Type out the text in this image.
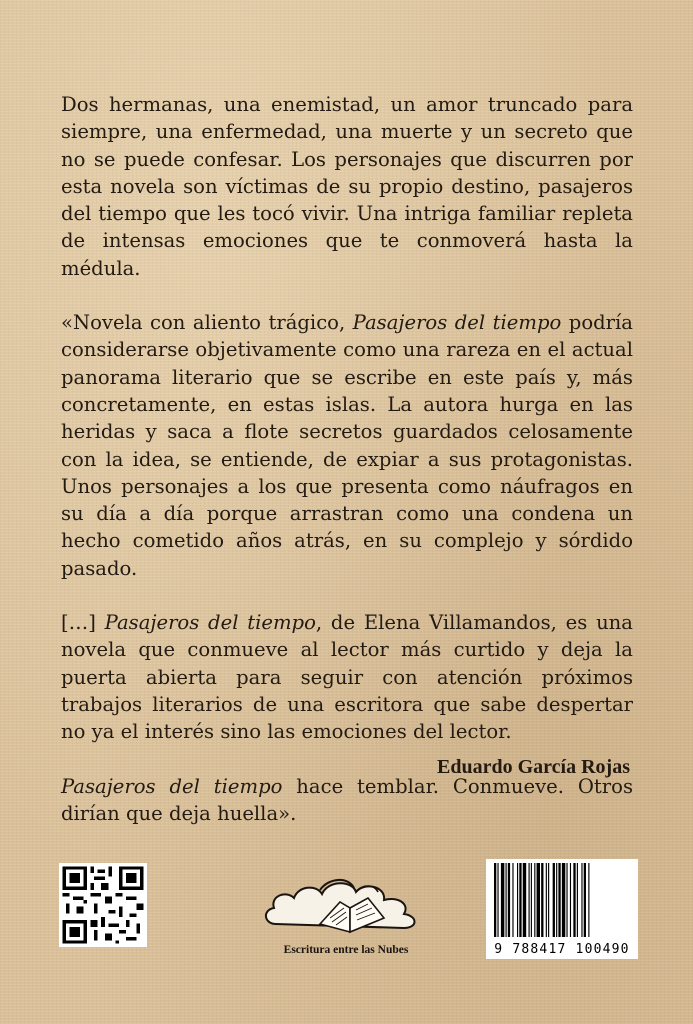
Dos hermanas, una enemistad, un amor truncado para siempre, una enfermedad, una muerte y un secreto que no se puede confesar. Los personajes que discurren por esta novela son víctimas de su propio destino, pasajeros del tiempo que les tocó vivir. Una intriga familiar repleta de intensas emociones que te conmoverá hasta la médula.

«Novela con aliento trágico, Pasajeros del tiempo podría considerarse objetivamente como una rareza en el actual panorama literario que se escribe en este país y, más concretamente, en estas islas. La autora hurga en las heridas y saca a flote secretos guardados celosamente con la idea, se entiende, de expiar a sus protagonistas. Unos personajes a los que presenta como náufragos en su día a día porque arrastran como una condena un hecho cometido años atrás, en su complejo y sórdido pasado.

[…] Pasajeros del tiempo, de Elena Villamandos, es una novela que conmueve al lector más curtido y deja la puerta abierta para seguir con atención próximos trabajos literarios de una escritora que sabe despertar no ya el interés sino las emociones del lector.

Pasajeros del tiempo hace temblar. Conmueve. Otros dirían que deja huella».

Eduardo García Rojas
Escritura entre las Nubes	9 788417 100490
